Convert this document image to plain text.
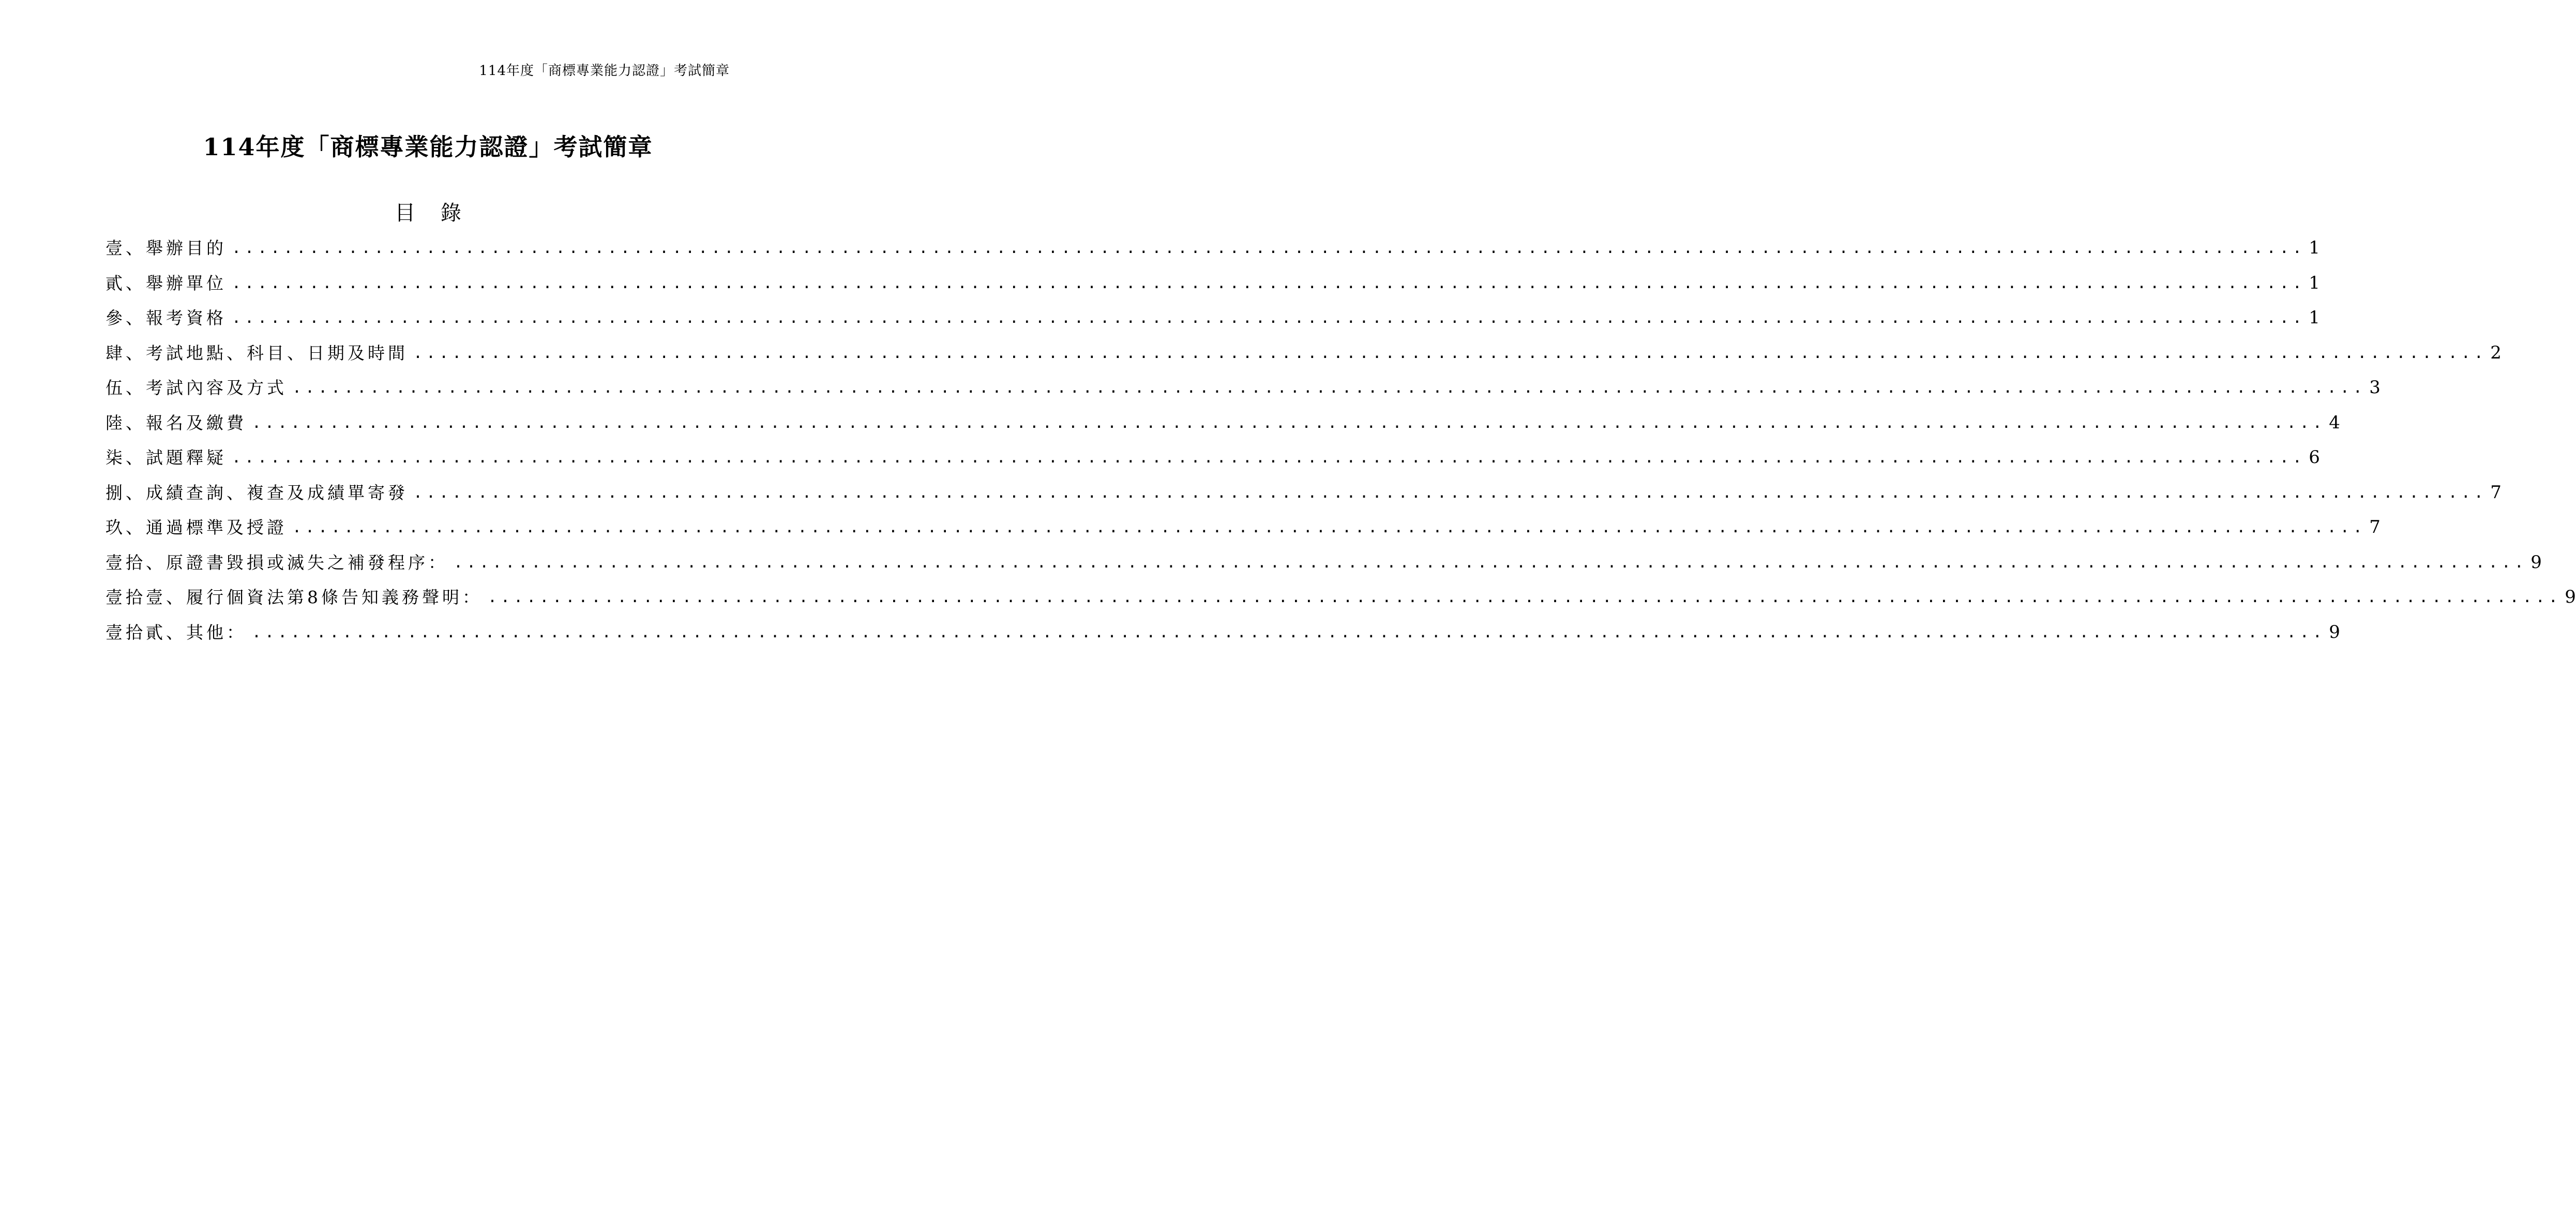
114年度「商標專業能力認證」考試簡章
114年度「商標專業能力認證」考試簡章
目 錄
壹、舉辦目的 ................................................................................................................................................................ 1
貳、舉辦單位 ................................................................................................................................................................ 1
參、報考資格 ................................................................................................................................................................ 1
肆、考試地點、科目、日期及時間 ................................................................................................................................................................ 2
伍、考試內容及方式 ................................................................................................................................................................ 3
陸、報名及繳費 ................................................................................................................................................................ 4
柒、試題釋疑 ................................................................................................................................................................ 6
捌、成績查詢、複查及成績單寄發 ................................................................................................................................................................ 7
玖、通過標準及授證 ................................................................................................................................................................ 7
壹拾、原證書毀損或滅失之補發程序： ................................................................................................................................................................ 9
壹拾壹、履行個資法第8條告知義務聲明： ................................................................................................................................................................ 9
壹拾貳、其他： ................................................................................................................................................................ 9
